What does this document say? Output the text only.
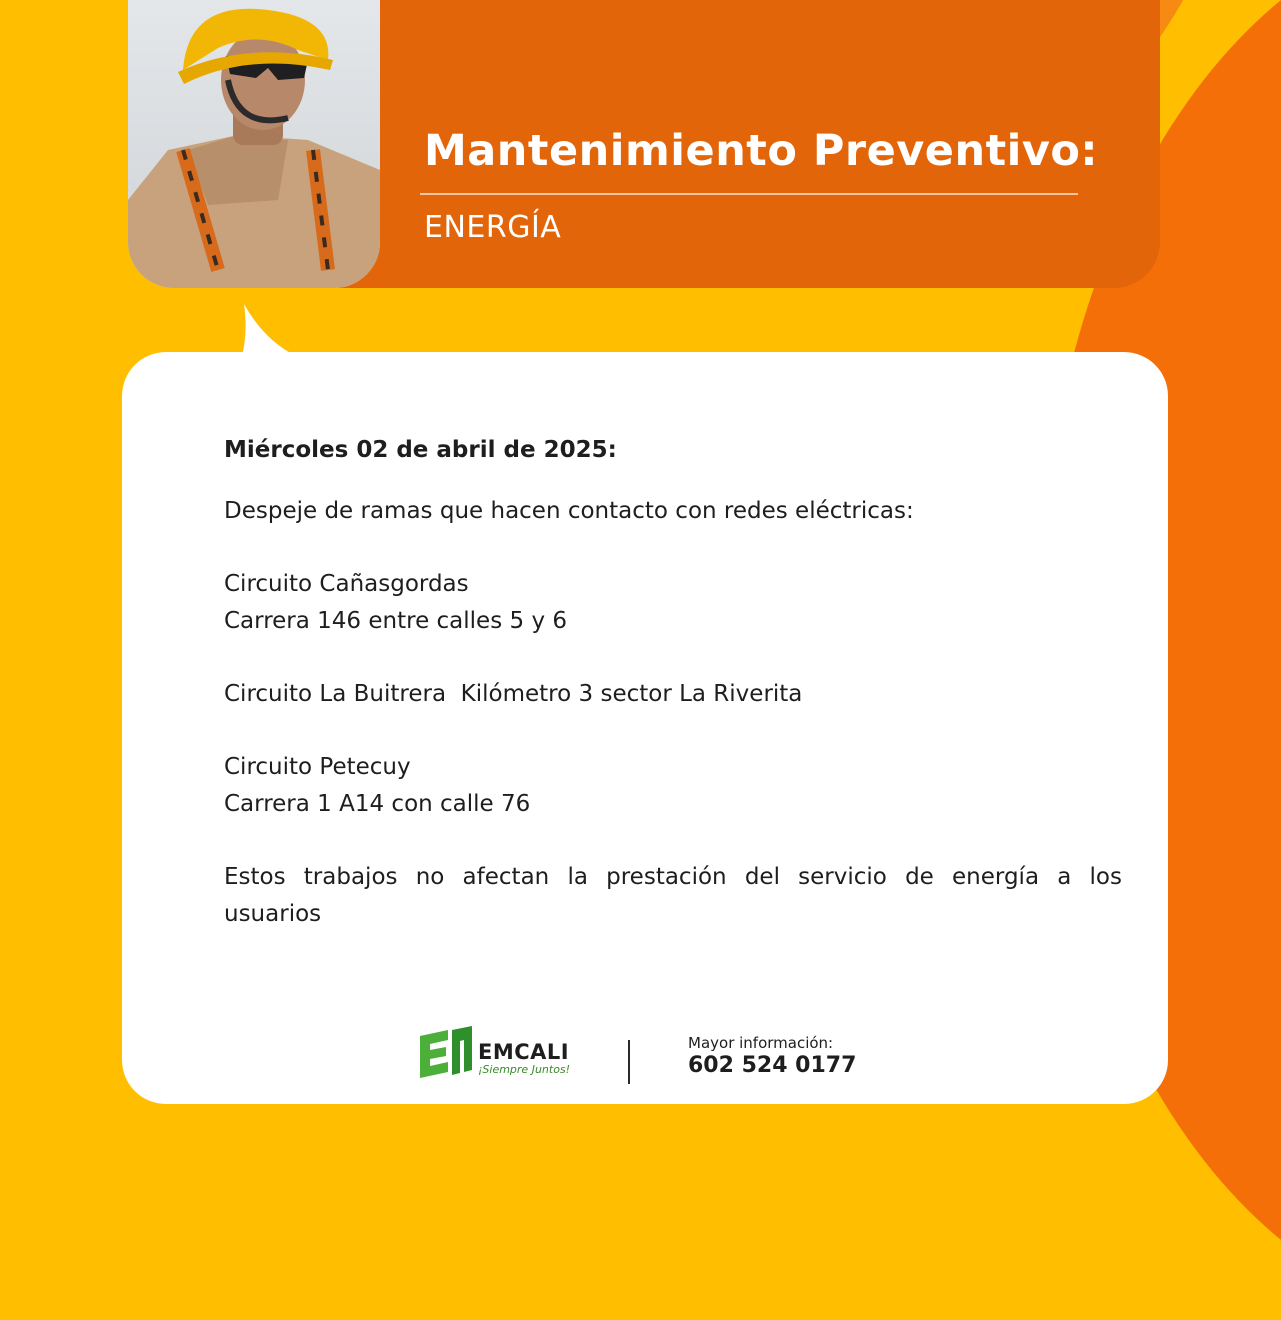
Mantenimiento Preventivo:
ENERGÍA

Miércoles 02 de abril de 2025:

Despeje de ramas que hacen contacto con redes eléctricas:

Circuito Cañasgordas

Carrera 146 entre calles 5 y 6

Circuito La Buitrera  Kilómetro 3 sector La Riverita

Circuito Petecuy

Carrera 1 A14 con calle 76

Estos trabajos no afectan la prestación del servicio de energía a los usuarios

EMCALI
¡Siempre Juntos!
Mayor información:
602 524 0177
